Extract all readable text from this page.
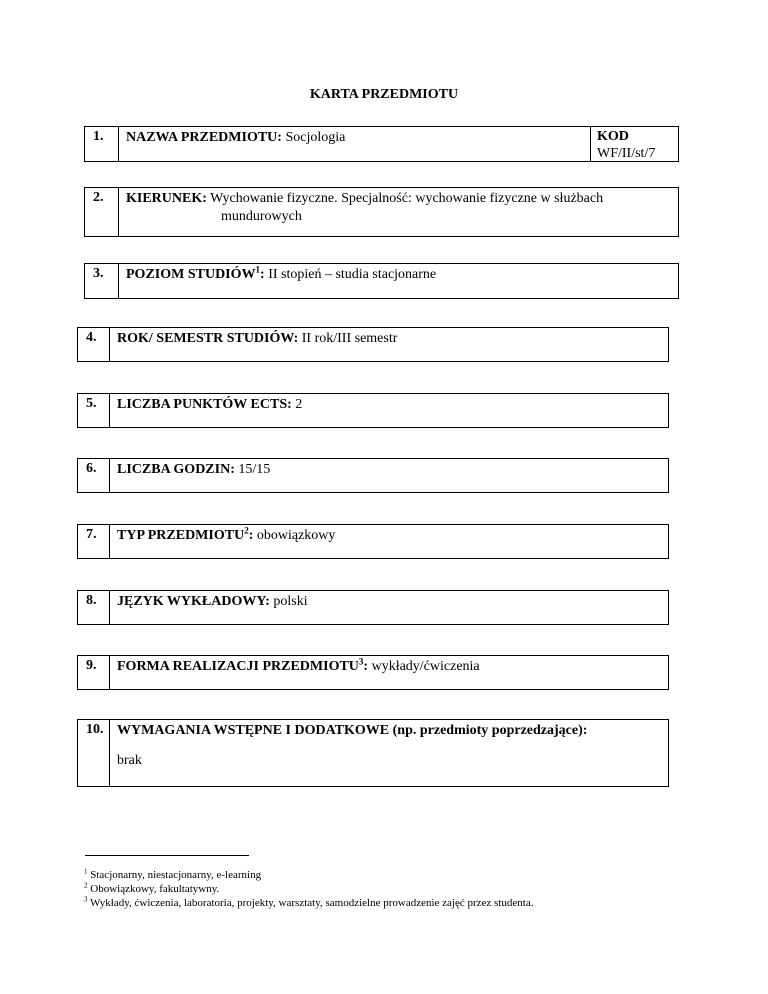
KARTA PRZEDMIOTU
1.	NAZWA PRZEDMIOTU: Socjologia	KOD
WF/II/st/7
2.	KIERUNEK: Wychowanie fizyczne. Specjalność: wychowanie fizyczne w służbach
mundurowych
3.	POZIOM STUDIÓW$^1$: II stopień – studia stacjonarne
4.	ROK/ SEMESTR STUDIÓW: II rok/III semestr
5.	LICZBA PUNKTÓW ECTS: 2
6.	LICZBA GODZIN: 15/15
7.	TYP PRZEDMIOTU$^2$: obowiązkowy
8.	JĘZYK WYKŁADOWY: polski
9.	FORMA REALIZACJI PRZEDMIOTU$^3$: wykłady/ćwiczenia
10. WYMAGANIA WSTĘPNE I DODATKOWE (np. przedmioty poprzedzające):
brak
$^1$ Stacjonarny, niestacjonarny, e-learning
$^2$ Obowiązkowy, fakultatywny.
$^3$ Wykłady, ćwiczenia, laboratoria, projekty, warsztaty, samodzielne prowadzenie zajęć przez studenta.
